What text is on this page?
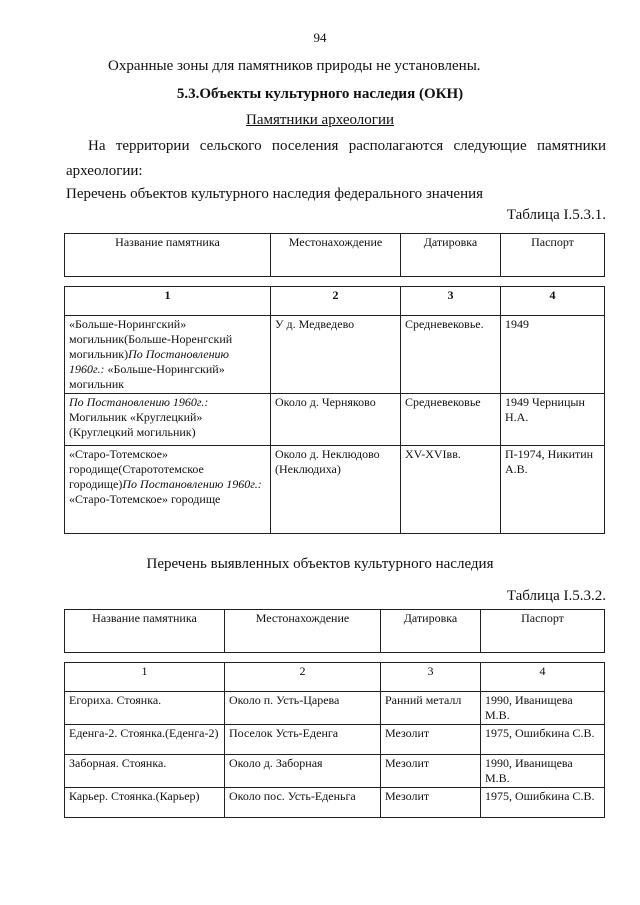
94
Охранные зоны для памятников природы не установлены.
5.3.Объекты культурного наследия (ОКН)
Памятники археологии
На территории сельского поселения располагаются следующие памятники археологии:
Перечень объектов культурного наследия федерального значения
Таблица I.5.3.1.
Название памятника	Местонахождение	Датировка	Паспорт
1	2	3	4
«Больше-Норингский» могильник(Больше-Норенгский могильник)По Постановлению 1960г.: «Больше-Норингский» могильник	У д. Медведево	Средневековье.	1949
По Постановлению 1960г.: Могильник «Круглецкий» (Круглецкий могильник)	Около д. Черняково	Средневековье	1949 Черницын Н.А.
«Старо-Тотемское» городище(Старототемское городище)По Постановлению 1960г.: «Старо-Тотемское» городище	Около д. Неклюдово (Неклюдиха)	XV-XVIвв.	П-1974, Никитин А.В.
Перечень выявленных объектов культурного наследия
Таблица I.5.3.2.
Название памятника	Местонахождение	Датировка	Паспорт
1	2	3	4
Егориха. Стоянка.	Около п. Усть-Царева	Ранний металл	1990, Иванищева М.В.
Еденга-2. Стоянка.(Еденга-2)	Поселок Усть-Еденга	Мезолит	1975, Ошибкина С.В.
Заборная. Стоянка.	Около д. Заборная	Мезолит	1990, Иванищева М.В.
Карьер. Стоянка.(Карьер)	Около пос. Усть-Еденьга	Мезолит	1975, Ошибкина С.В.
